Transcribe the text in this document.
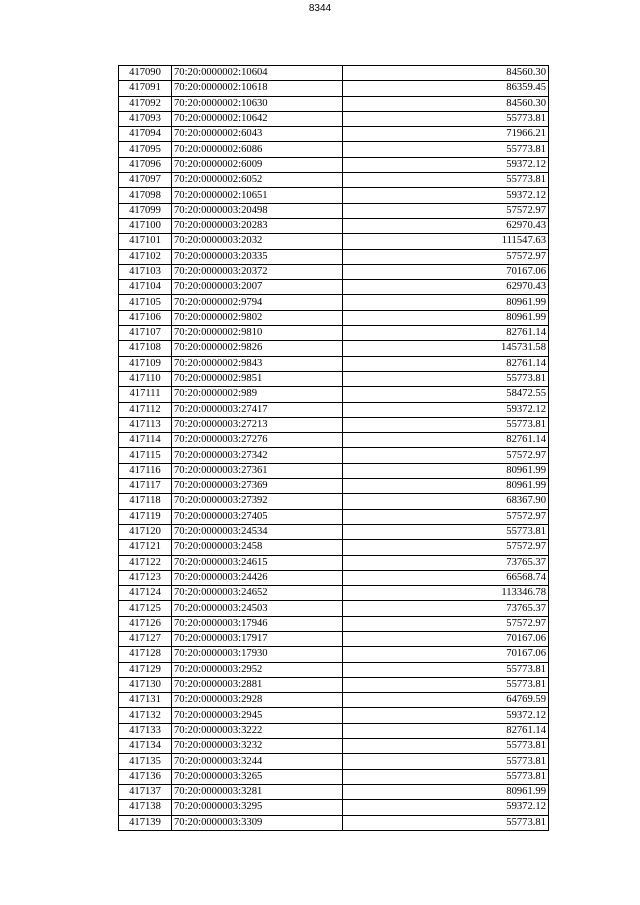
8344
417090	70:20:0000002:10604	84560.30
417091	70:20:0000002:10618	86359.45
417092	70:20:0000002:10630	84560.30
417093	70:20:0000002:10642	55773.81
417094	70:20:0000002:6043	71966.21
417095	70:20:0000002:6086	55773.81
417096	70:20:0000002:6009	59372.12
417097	70:20:0000002:6052	55773.81
417098	70:20:0000002:10651	59372.12
417099	70:20:0000003:20498	57572.97
417100	70:20:0000003:20283	62970.43
417101	70:20:0000003:2032	111547.63
417102	70:20:0000003:20335	57572.97
417103	70:20:0000003:20372	70167.06
417104	70:20:0000003:2007	62970.43
417105	70:20:0000002:9794	80961.99
417106	70:20:0000002:9802	80961.99
417107	70:20:0000002:9810	82761.14
417108	70:20:0000002:9826	145731.58
417109	70:20:0000002:9843	82761.14
417110	70:20:0000002:9851	55773.81
417111	70:20:0000002:989	58472.55
417112	70:20:0000003:27417	59372.12
417113	70:20:0000003:27213	55773.81
417114	70:20:0000003:27276	82761.14
417115	70:20:0000003:27342	57572.97
417116	70:20:0000003:27361	80961.99
417117	70:20:0000003:27369	80961.99
417118	70:20:0000003:27392	68367.90
417119	70:20:0000003:27405	57572.97
417120	70:20:0000003:24534	55773.81
417121	70:20:0000003:2458	57572.97
417122	70:20:0000003:24615	73765.37
417123	70:20:0000003:24426	66568.74
417124	70:20:0000003:24652	113346.78
417125	70:20:0000003:24503	73765.37
417126	70:20:0000003:17946	57572.97
417127	70:20:0000003:17917	70167.06
417128	70:20:0000003:17930	70167.06
417129	70:20:0000003:2952	55773.81
417130	70:20:0000003:2881	55773.81
417131	70:20:0000003:2928	64769.59
417132	70:20:0000003:2945	59372.12
417133	70:20:0000003:3222	82761.14
417134	70:20:0000003:3232	55773.81
417135	70:20:0000003:3244	55773.81
417136	70:20:0000003:3265	55773.81
417137	70:20:0000003:3281	80961.99
417138	70:20:0000003:3295	59372.12
417139	70:20:0000003:3309	55773.81
